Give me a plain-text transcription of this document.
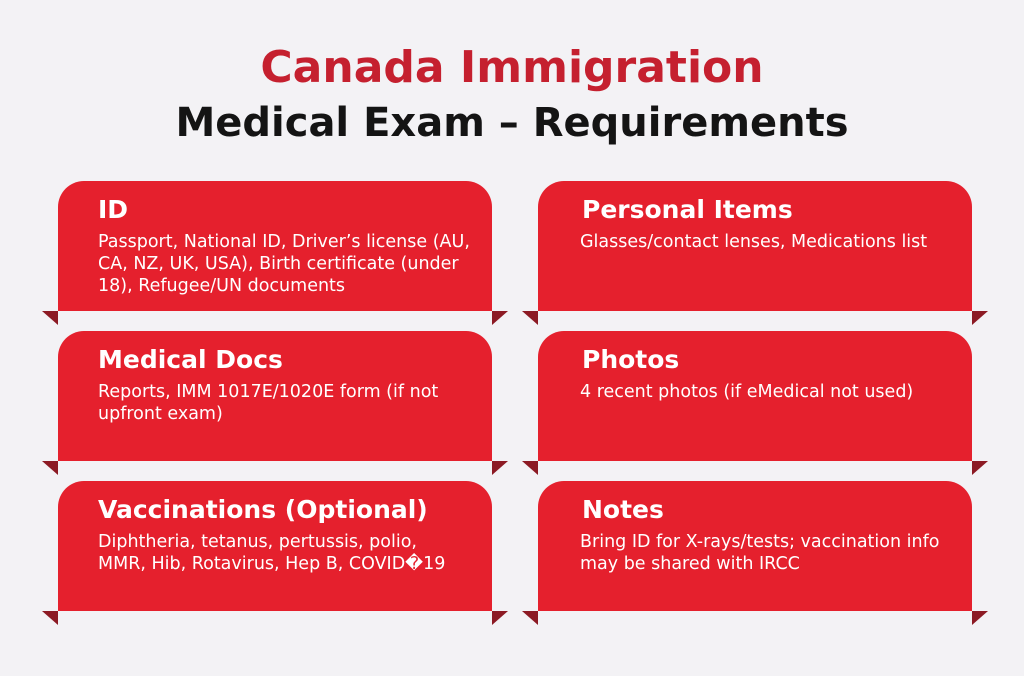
Canada Immigration
Medical Exam – Requirements
ID
Passport, National ID, Driver’s license (AU, CA, NZ, UK, USA), Birth certificate (under 18), Refugee/UN documents
Personal Items
Glasses/contact lenses, Medications list
Medical Docs
Reports, IMM 1017E/1020E form (if not upfront exam)
Photos
4 recent photos (if eMedical not used)
Vaccinations (Optional)
Diphtheria, tetanus, pertussis, polio, MMR, Hib, Rotavirus, Hep B, COVID�19
Notes
Bring ID for X-rays/tests; vaccination info may be shared with IRCC
